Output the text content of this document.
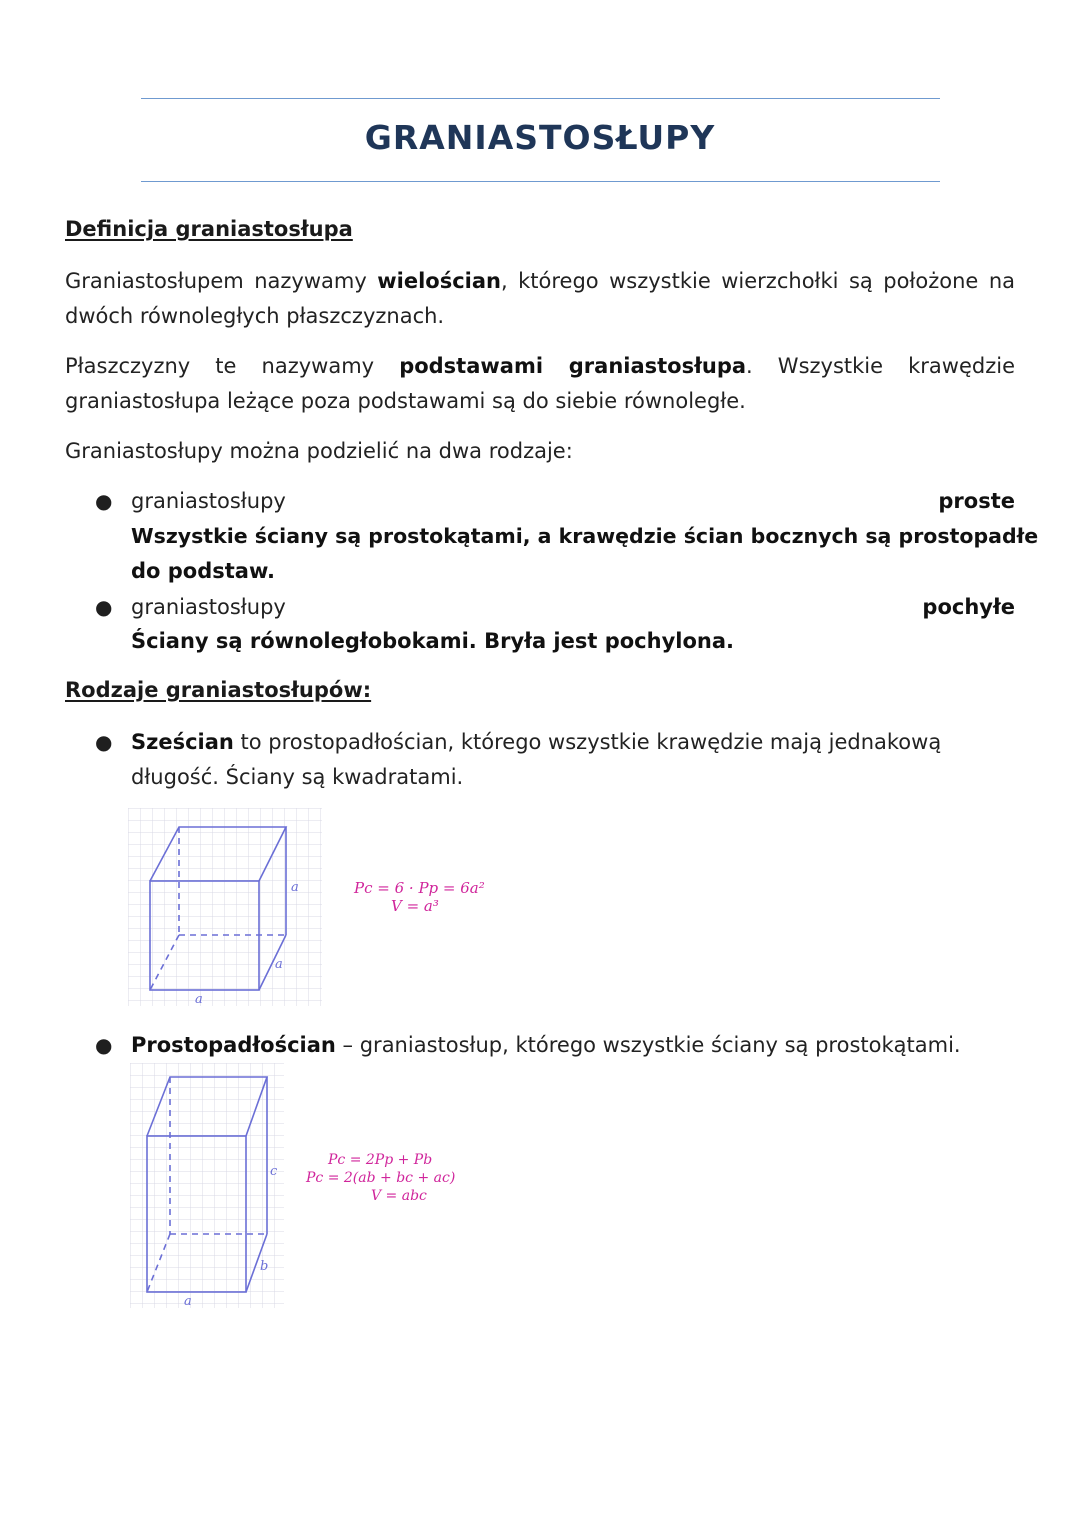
GRANIASTOSŁUPY
Definicja graniastosłupa
Graniastosłupem nazywamy wielościan, którego wszystkie wierzchołki są położone na dwóch równoległych płaszczyznach.
Płaszczyzny te nazywamy podstawami graniastosłupa. Wszystkie krawędzie graniastosłupa leżące poza podstawami są do siebie równoległe.
Graniastosłupy można podzielić na dwa rodzaje:
● graniastosłupy	proste
Wszystkie ściany są prostokątami, a krawędzie ścian bocznych są prostopadłe
do podstaw.
● graniastosłupy	pochyłe
Ściany są równoległobokami. Bryła jest pochylona.
Rodzaje graniastosłupów:
● Sześcian to prostopadłościan, którego wszystkie krawędzie mają jednakową
długość. Ściany są kwadratami.
a
a
a
Pc = 6 · Pp = 6a²
V = a³
● Prostopadłościan – graniastosłup, którego wszystkie ściany są prostokątami.
c
b
a
Pc = 2Pp + Pb
Pc = 2(ab + bc + ac)
V = abc
